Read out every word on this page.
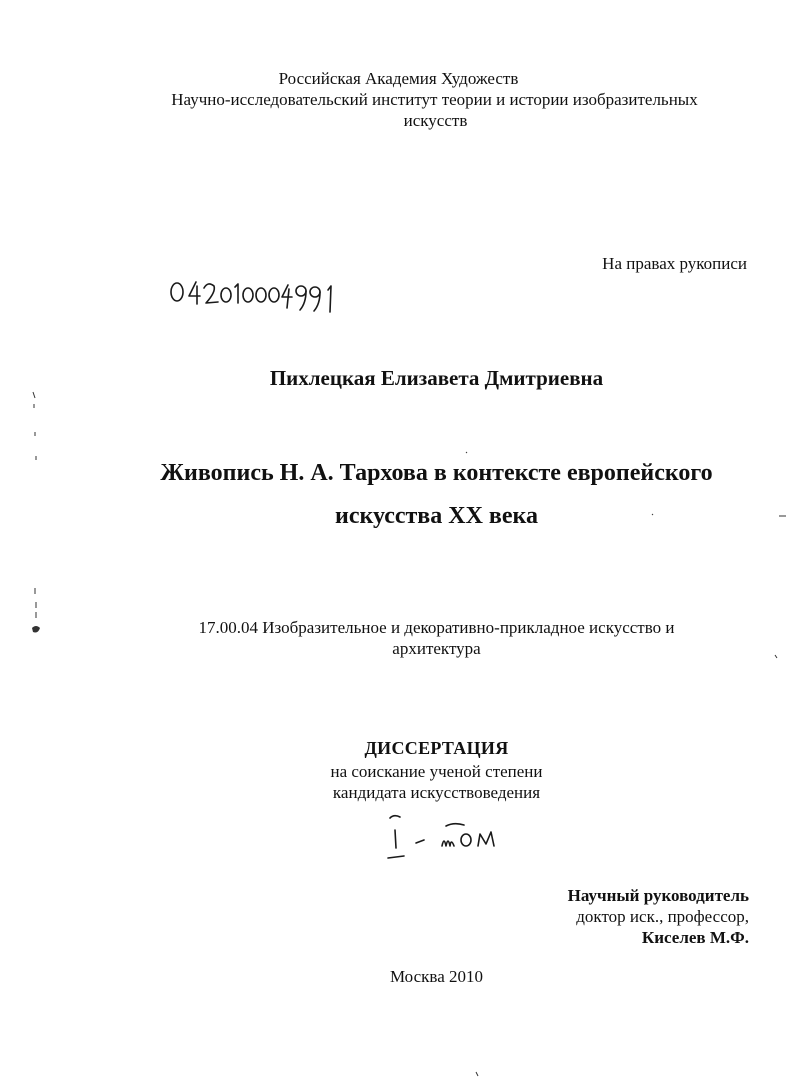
Российская Академия Художеств
Научно-исследовательский институт теории и истории изобразительных
искусств
На правах рукописи
Пихлецкая Елизавета Дмитриевна
Живопись Н. А. Тархова в контексте европейского
искусства XX века
17.00.04 Изобразительное и декоративно-прикладное искусство и
архитектура
ДИССЕРТАЦИЯ
на соискание ученой степени
кандидата искусствоведения
Научный руководитель
доктор иск., профессор,
Киселев М.Ф.
Москва 2010
